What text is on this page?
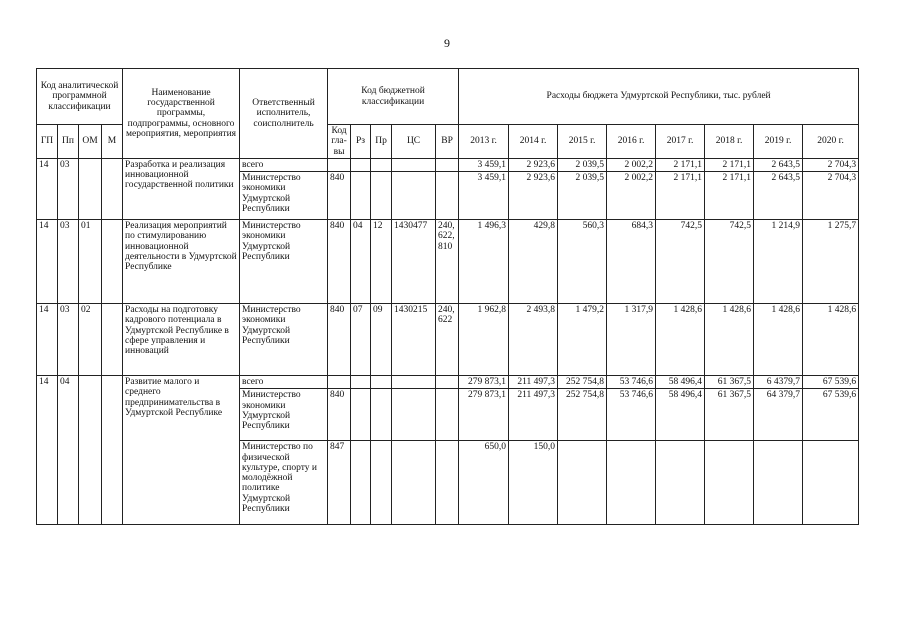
9
Код аналитической программной классификации				Наименование государственной программы, подпрограммы, основного мероприятия, мероприятия	Ответственный исполнитель, соисполнитель	Код бюджетной классификации					Расходы бюджета Удмуртской Республики, тыс. рублей							
ГП	Пп	ОМ	М			Код гла-вы	Рз	Пр	ЦС	ВР	2013 г.	2014 г.	2015 г.	2016 г.	2017 г.	2018 г.	2019 г.	2020 г.
14	03			Разработка и реализация инновационной государственной политики	всего						3 459,1	2 923,6	2 039,5	2 002,2	2 171,1	2 171,1	2 643,5	2 704,3
					Министерство экономики Удмуртской Республики	840					3 459,1	2 923,6	2 039,5	2 002,2	2 171,1	2 171,1	2 643,5	2 704,3
14	03	01		Реализация мероприятий по стимулированию инновационной деятельности в Удмуртской Республике	Министерство экономики Удмуртской Республики	840	04	12	1430477	240, 622, 810	1 496,3	429,8	560,3	684,3	742,5	742,5	1 214,9	1 275,7
14	03	02		Расходы на подготовку кадрового потенциала в Удмуртской Республике в сфере управления и инноваций	Министерство экономики Удмуртской Республики	840	07	09	1430215	240, 622	1 962,8	2 493,8	1 479,2	1 317,9	1 428,6	1 428,6	1 428,6	1 428,6
14	04			Развитие малого и среднего предпринимательства в Удмуртской Республике	всего						279 873,1	211 497,3	252 754,8	53 746,6	58 496,4	61 367,5	6 4379,7	67 539,6
					Министерство экономики Удмуртской Республики	840					279 873,1	211 497,3	252 754,8	53 746,6	58 496,4	61 367,5	64 379,7	67 539,6
					Министерство по физической культуре, спорту и молодёжной политике Удмуртской Республики	847					650,0	150,0						
